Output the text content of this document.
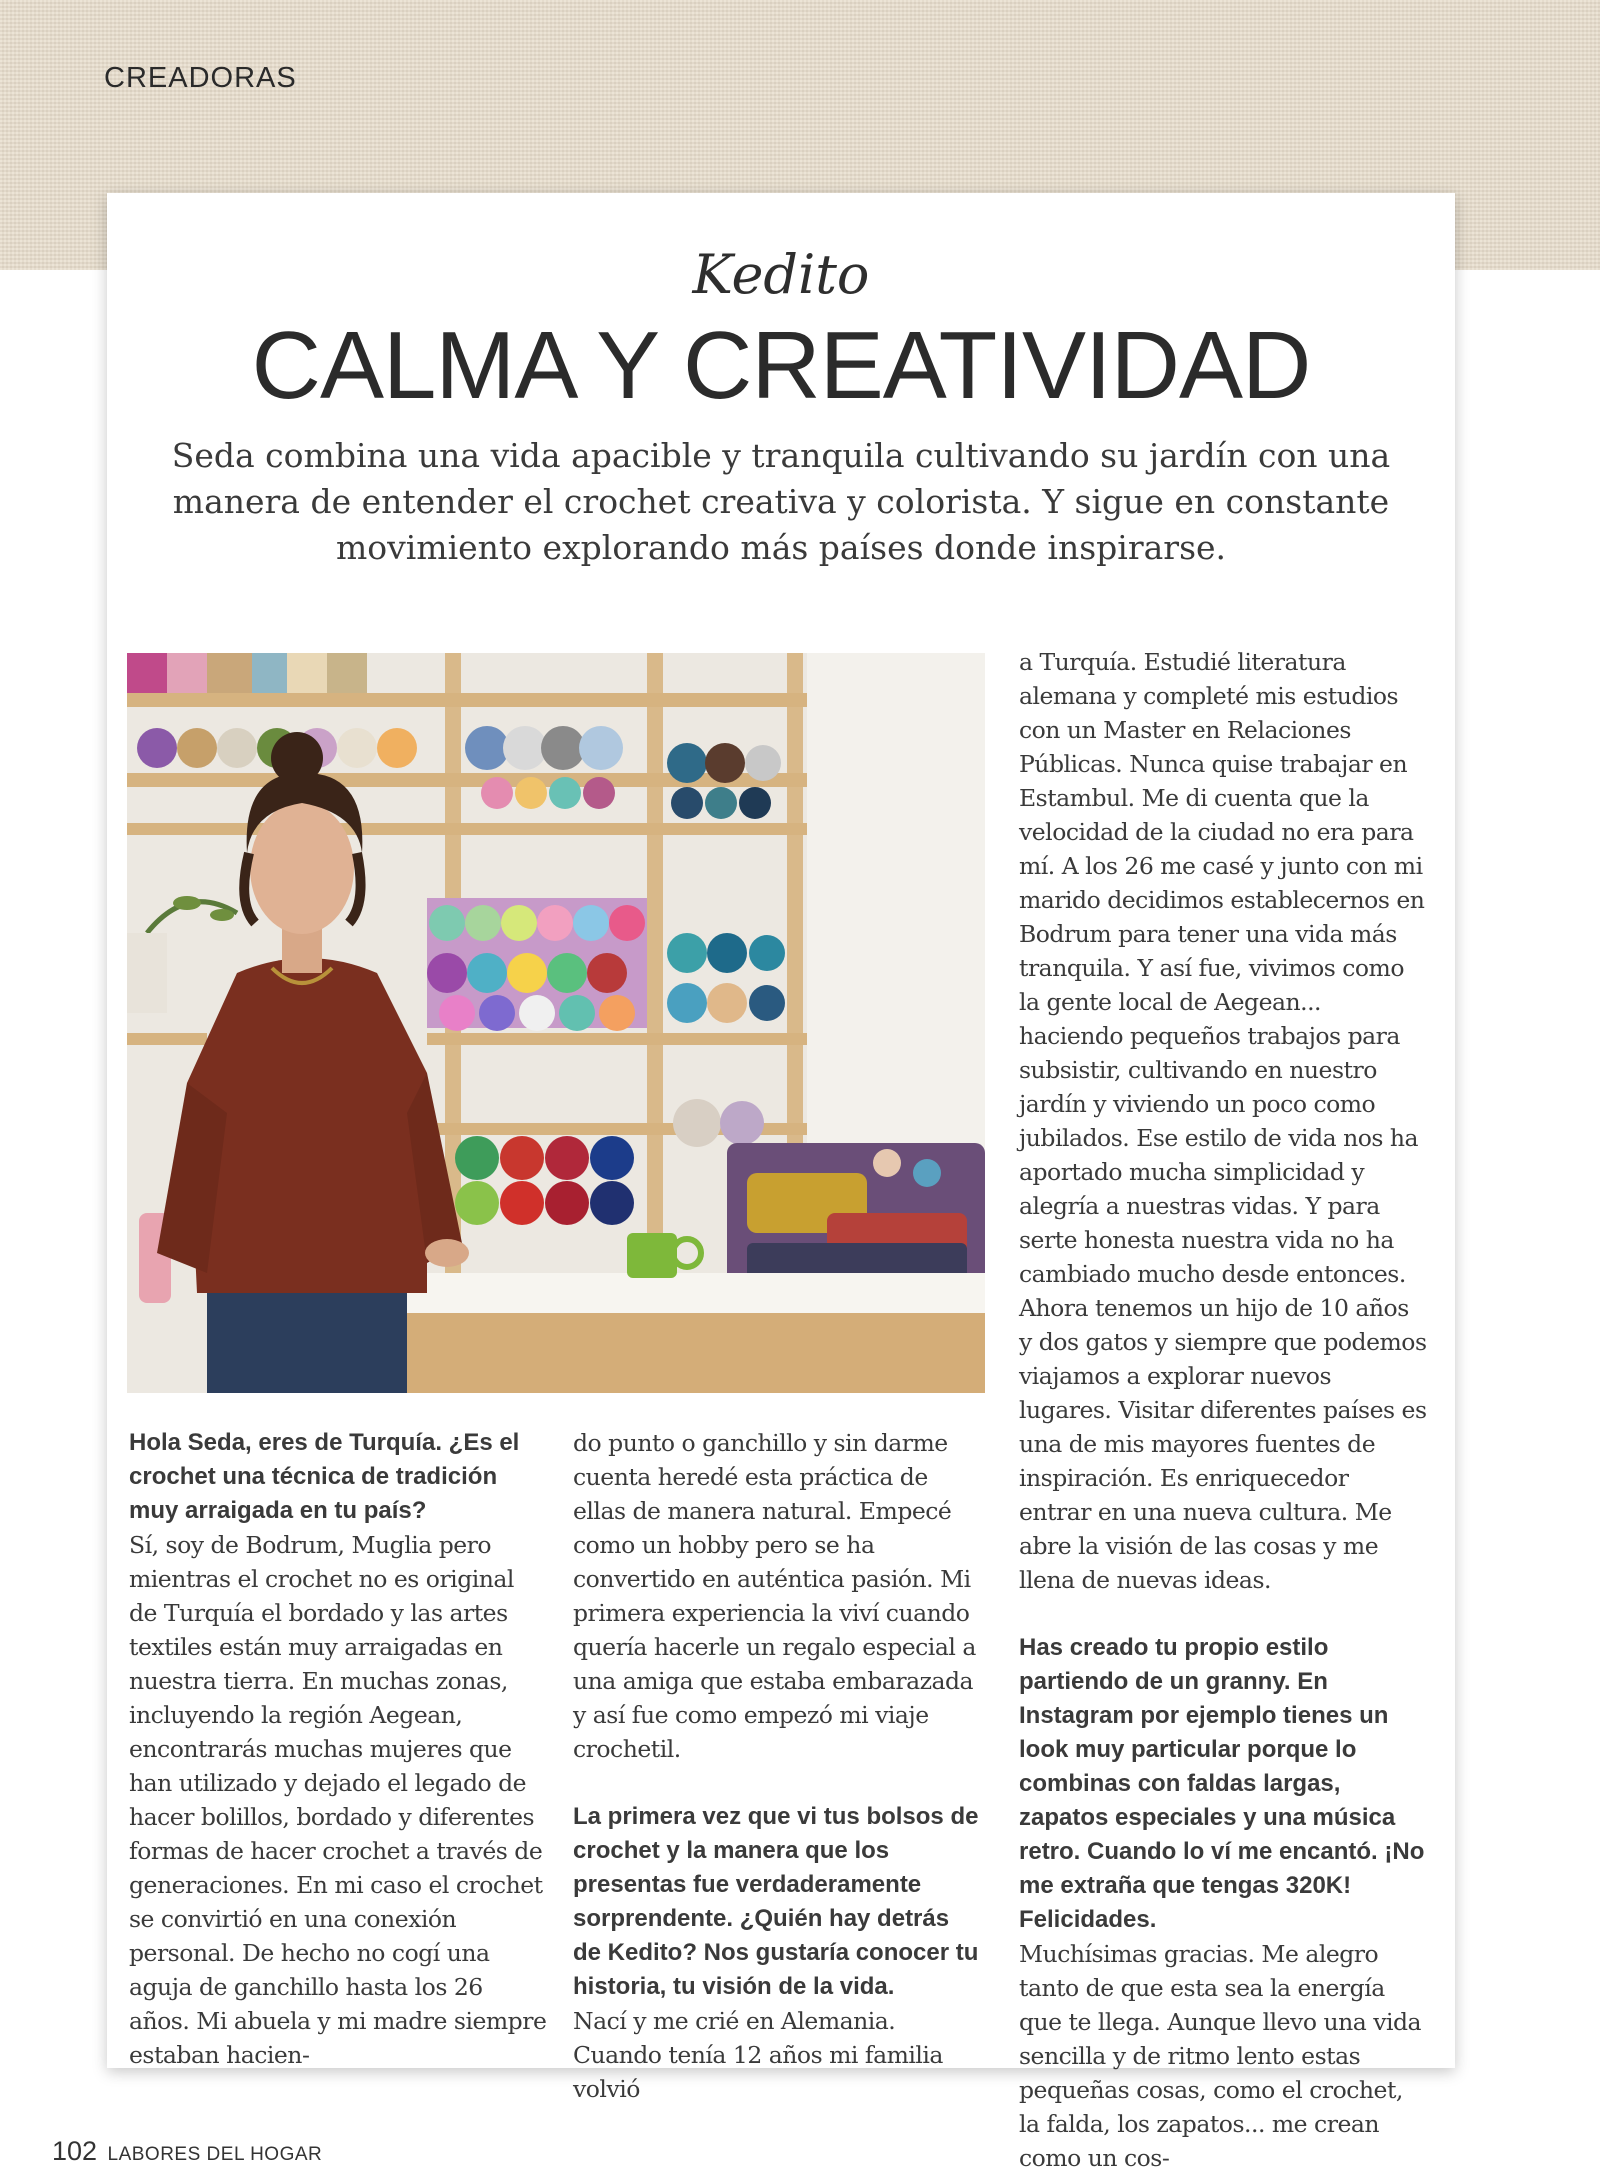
CREADORAS
Kedito
CALMA Y CREATIVIDAD
Seda combina una vida apacible y tranquila cultivando su jardín con una manera de entender el crochet creativa y colorista. Y sigue en constante movimiento explorando más países donde inspirarse.

Hola Seda, eres de Turquía. ¿Es el crochet una técnica de tradición muy arraigada en tu país?

Sí, soy de Bodrum, Muglia pero mientras el crochet no es original de Turquía el bordado y las artes textiles están muy arraigadas en nuestra tierra. En muchas zonas, incluyendo la región Aegean, encontrarás muchas mujeres que han utilizado y dejado el legado de hacer bolillos, bordado y diferentes formas de hacer crochet a través de generaciones. En mi caso el crochet se convirtió en una conexión personal. De hecho no cogí una aguja de ganchillo hasta los 26 años. Mi abuela y mi madre siempre estaban hacien-

do punto o ganchillo y sin darme cuenta heredé esta práctica de ellas de manera natural. Empecé como un hobby pero se ha convertido en auténtica pasión. Mi primera experiencia la viví cuando quería hacerle un regalo especial a una amiga que estaba embarazada y así fue como empezó mi viaje crochetil.

La primera vez que vi tus bolsos de crochet y la manera que los presentas fue verdaderamente sorprendente. ¿Quién hay detrás de Kedito? Nos gustaría conocer tu historia, tu visión de la vida.

Nací y me crié en Alemania. Cuando tenía 12 años mi familia volvió

a Turquía. Estudié literatura alemana y completé mis estudios con un Master en Relaciones Públicas. Nunca quise trabajar en Estambul. Me di cuenta que la velocidad de la ciudad no era para mí. A los 26 me casé y junto con mi marido decidimos establecernos en Bodrum para tener una vida más tranquila. Y así fue, vivimos como la gente local de Aegean... haciendo pequeños trabajos para subsistir, cultivando en nuestro jardín y viviendo un poco como jubilados. Ese estilo de vida nos ha aportado mucha simplicidad y alegría a nuestras vidas. Y para serte honesta nuestra vida no ha cambiado mucho desde entonces. Ahora tenemos un hijo de 10 años y dos gatos y siempre que podemos viajamos a explorar nuevos lugares. Visitar diferentes países es una de mis mayores fuentes de inspiración. Es enriquecedor entrar en una nueva cultura. Me abre la visión de las cosas y me llena de nuevas ideas.

Has creado tu propio estilo partiendo de un granny. En Instagram por ejemplo tienes un look muy particular porque lo combinas con faldas largas, zapatos especiales y una música retro. Cuando lo ví me encantó. ¡No me extraña que tengas 320K! Felicidades.

Muchísimas gracias. Me alegro tanto de que esta sea la energía que te llega. Aunque llevo una vida sencilla y de ritmo lento estas pequeñas cosas, como el crochet, la falda, los zapatos... me crean como un cos-

102 LABORES DEL HOGAR
